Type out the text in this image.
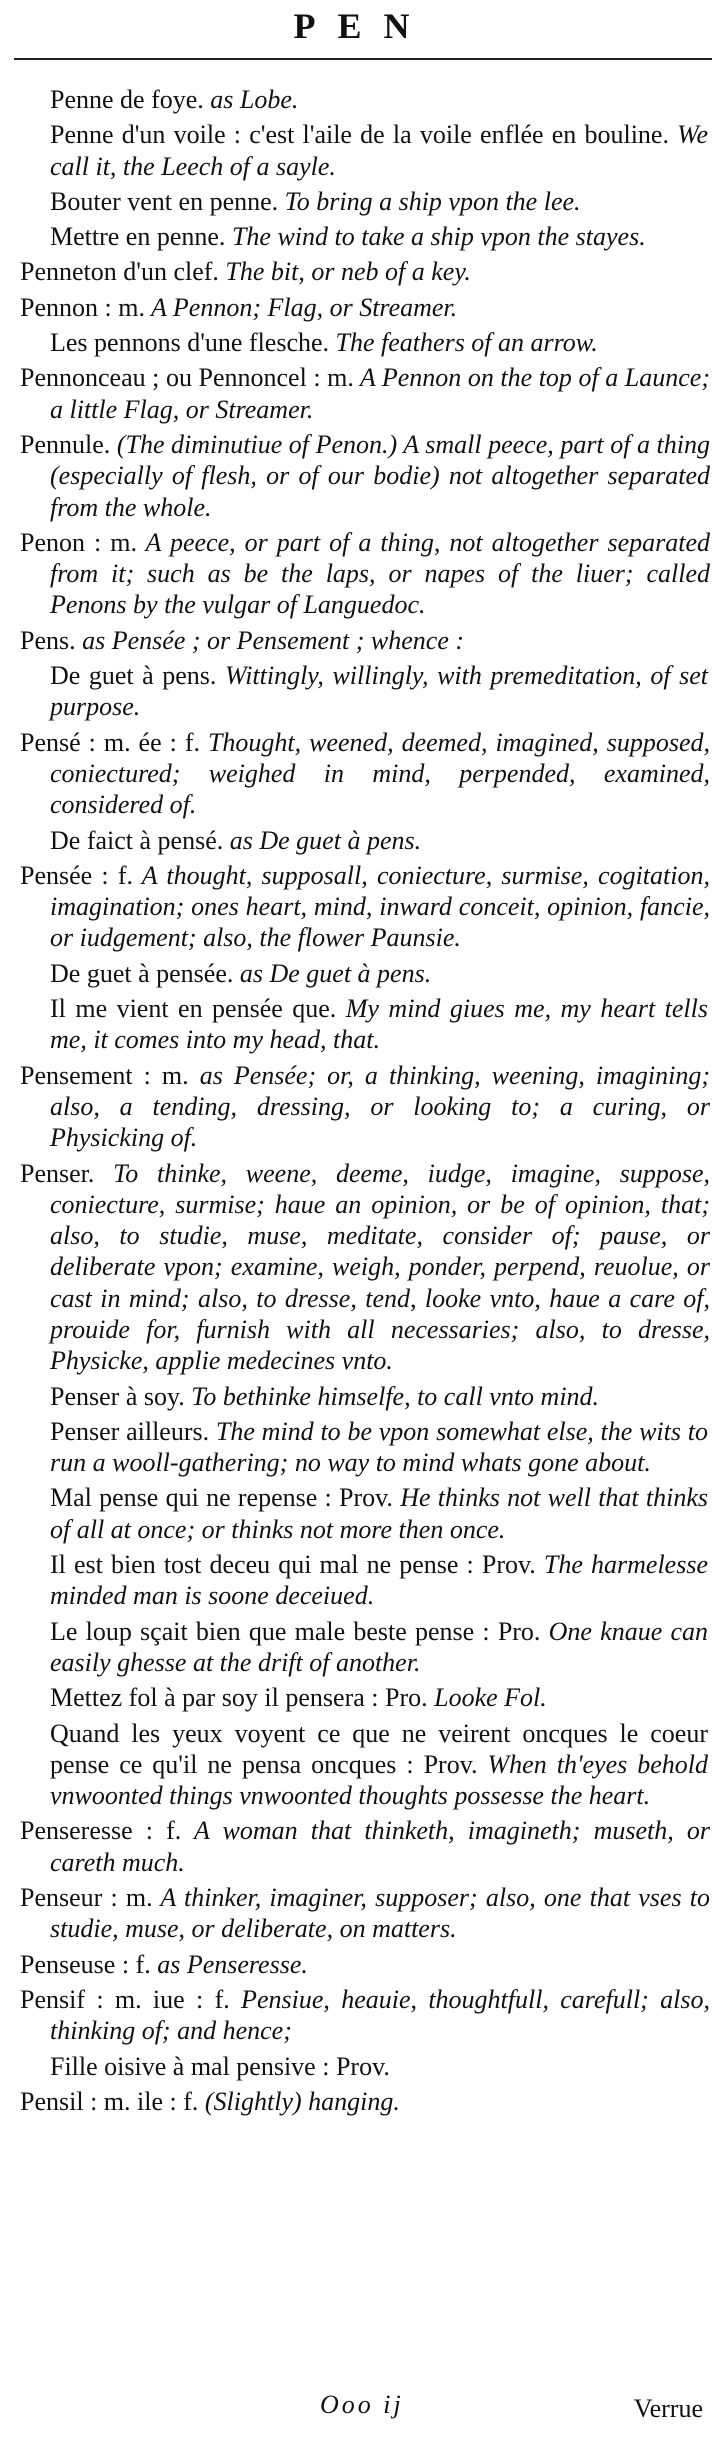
PEN
Penne de foye. as Lobe.
Penne d'un voile : c'est l'aile de la voile enflée en bouline. We call it, the Leech of a sayle.
Bouter vent en penne. To bring a ship vpon the lee.
Mettre en penne. The wind to take a ship vpon the stayes.
Penneton d'un clef. The bit, or neb of a key.
Pennon : m. A Pennon; Flag, or Streamer.
Les pennons d'une flesche. The feathers of an arrow.
Pennonceau ; ou Pennoncel : m. A Pennon on the top of a Launce; a little Flag, or Streamer.
Pennule. (The diminutiue of Penon.) A small peece, part of a thing (especially of flesh, or of our bodie) not altogether separated from the whole.
Penon : m. A peece, or part of a thing, not altogether separated from it; such as be the laps, or napes of the liuer; called Penons by the vulgar of Languedoc.
Pens. as Pensée ; or Pensement ; whence :
De guet à pens. Wittingly, willingly, with premeditation, of set purpose.
Pensé : m. ée : f. Thought, weened, deemed, imagined, supposed, coniectured; weighed in mind, perpended, examined, considered of.
De faict à pensé. as De guet à pens.
Pensée : f. A thought, supposall, coniecture, surmise, cogitation, imagination; ones heart, mind, inward conceit, opinion, fancie, or iudgement; also, the flower Paunsie.
De guet à pensée. as De guet à pens.
Il me vient en pensée que. My mind giues me, my heart tells me, it comes into my head, that.
Pensement : m. as Pensée; or, a thinking, weening, imagining; also, a tending, dressing, or looking to; a curing, or Physicking of.
Penser. To thinke, weene, deeme, iudge, imagine, suppose, coniecture, surmise; haue an opinion, or be of opinion, that; also, to studie, muse, meditate, consider of; pause, or deliberate vpon; examine, weigh, ponder, perpend, reuolue, or cast in mind; also, to dresse, tend, looke vnto, haue a care of, prouide for, furnish with all necessaries; also, to dresse, Physicke, applie medecines vnto.
Penser à soy. To bethinke himselfe, to call vnto mind.
Penser ailleurs. The mind to be vpon somewhat else, the wits to run a wooll-gathering; no way to mind whats gone about.
Mal pense qui ne repense : Prov. He thinks not well that thinks of all at once; or thinks not more then once.
Il est bien tost deceu qui mal ne pense : Prov. The harmelesse minded man is soone deceiued.
Le loup sçait bien que male beste pense : Pro. One knaue can easily ghesse at the drift of another.
Mettez fol à par soy il pensera : Pro. Looke Fol.
Quand les yeux voyent ce que ne veirent oncques le coeur pense ce qu'il ne pensa oncques : Prov. When th'eyes behold vnwoonted things vnwoonted thoughts possesse the heart.
Penseresse : f. A woman that thinketh, imagineth; museth, or careth much.
Penseur : m. A thinker, imaginer, supposer; also, one that vses to studie, muse, or deliberate, on matters.
Penseuse : f. as Penseresse.
Pensif : m. iue : f. Pensiue, heauie, thoughtfull, carefull; also, thinking of; and hence;
Fille oisive à mal pensive : Prov.
Pensil : m. ile : f. (Slightly) hanging.
Ooo ij	Verrue
